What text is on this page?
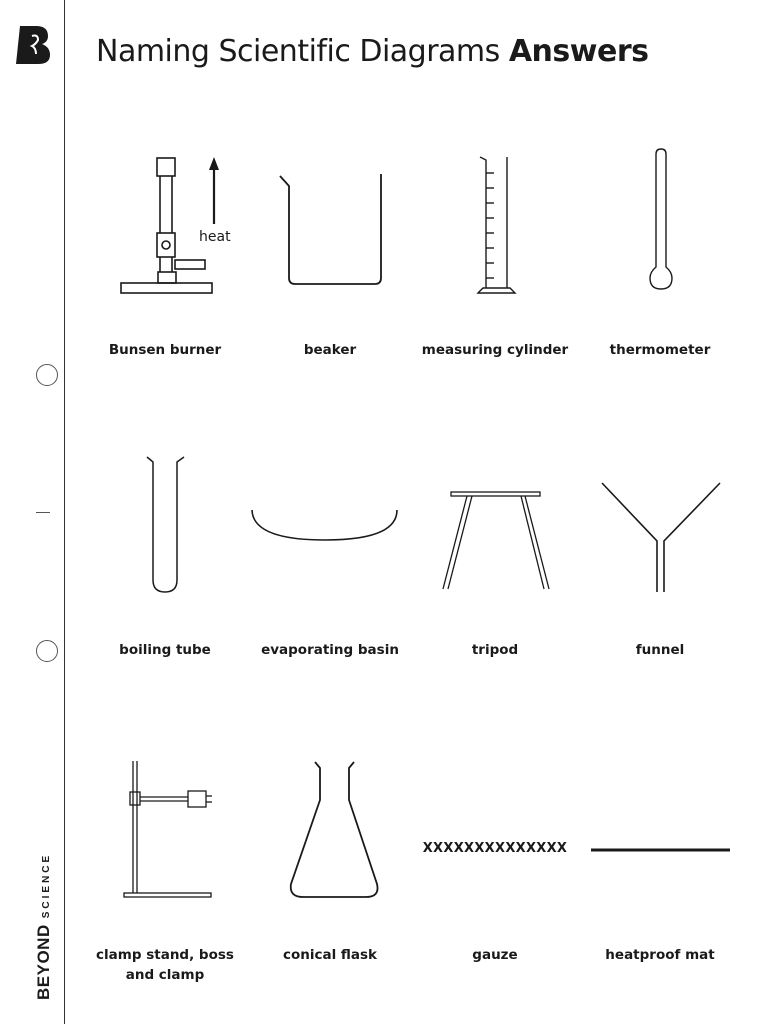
BEYONDSCIENCE
Naming Scientific Diagrams Answers
heat
Bunsen burner	beaker	measuring cylinder	thermometer
boiling tube	evaporating basin	tripod	funnel
clamp stand, boss
and clamp
conical flask
XXXXXXXXXXXXXX
gauze	heatproof mat
